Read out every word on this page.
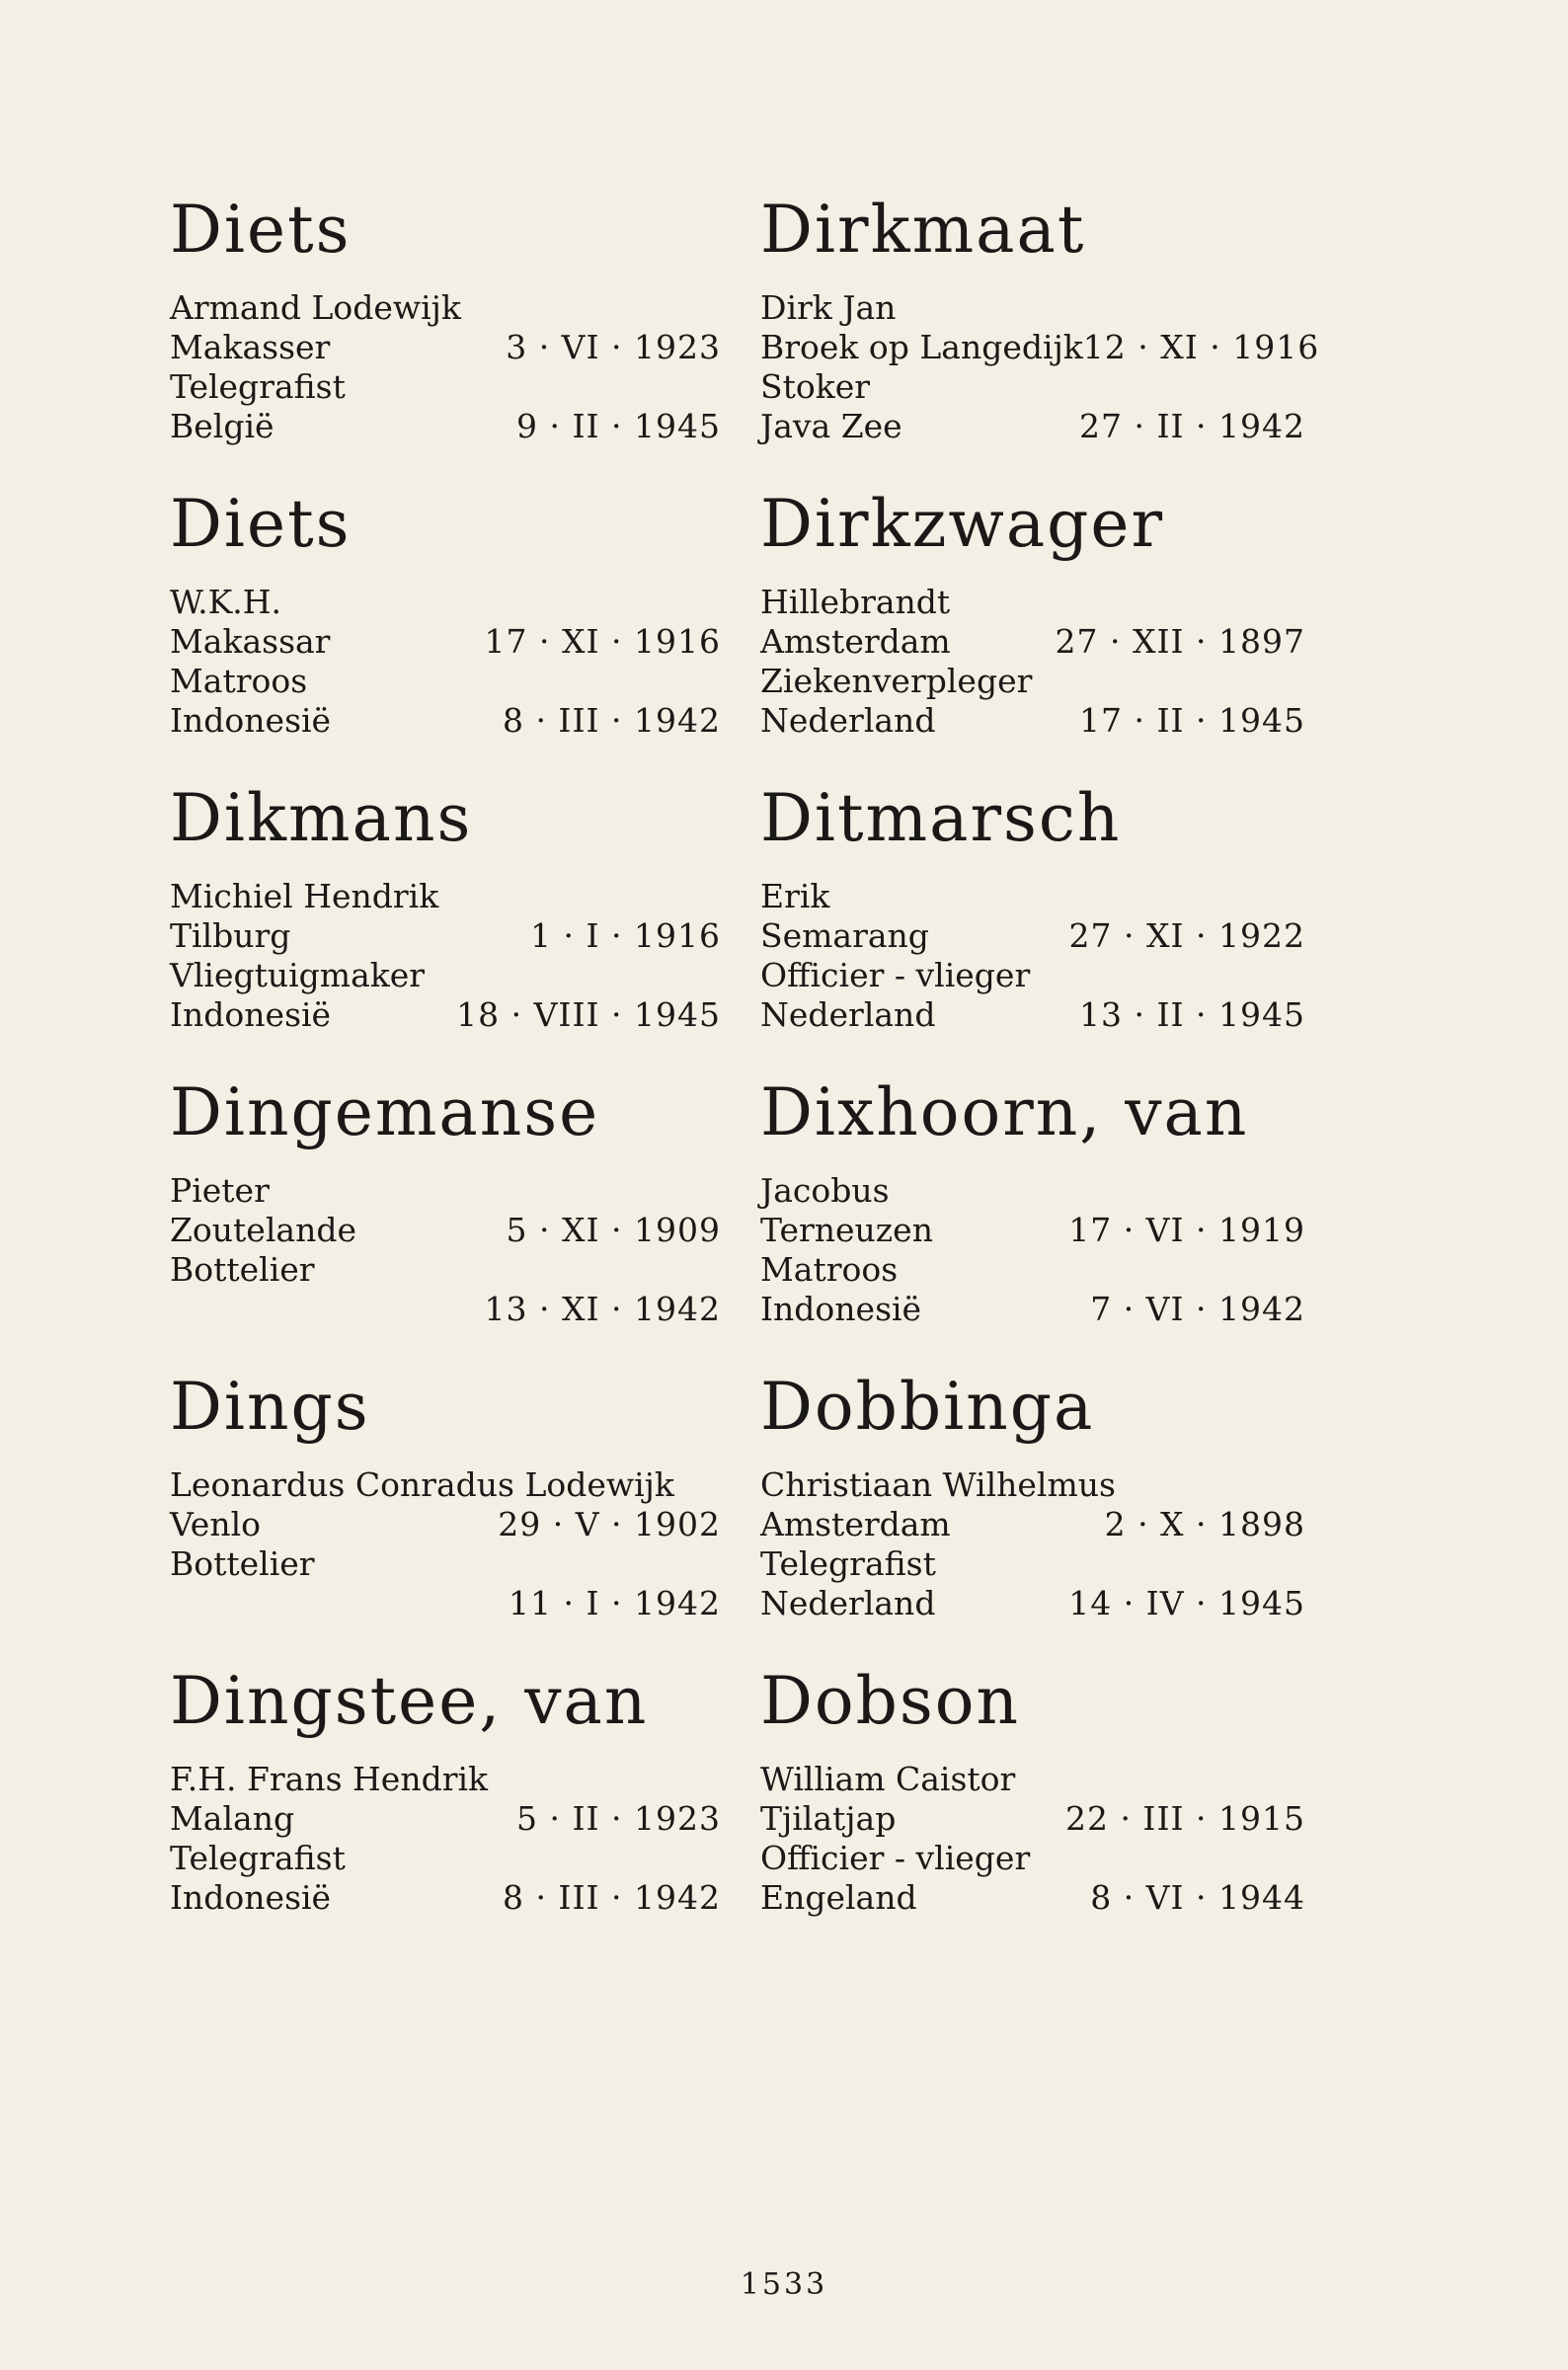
Diets
Armand Lodewijk
Makasser	3 · VI · 1923
Telegrafist
België	9 · II · 1945
Diets
W.K.H.
Makassar	17 · XI · 1916
Matroos
Indonesië	8 · III · 1942
Dikmans
Michiel Hendrik
Tilburg	1 · I · 1916
Vliegtuigmaker
Indonesië	18 · VIII · 1945
Dingemanse
Pieter
Zoutelande	5 · XI · 1909
Bottelier
13 · XI · 1942
Dings
Leonardus Conradus Lodewijk
Venlo	29 · V · 1902
Bottelier
11 · I · 1942
Dingstee, van
F.H. Frans Hendrik
Malang	5 · II · 1923
Telegrafist
Indonesië	8 · III · 1942
Dirkmaat
Dirk Jan
Broek op Langedijk 12 · XI · 1916
Stoker
Java Zee	27 · II · 1942
Dirkzwager
Hillebrandt
Amsterdam	27 · XII · 1897
Ziekenverpleger
Nederland	17 · II · 1945
Ditmarsch
Erik
Semarang	27 · XI · 1922
Officier - vlieger
Nederland	13 · II · 1945
Dixhoorn, van
Jacobus
Terneuzen	17 · VI · 1919
Matroos
Indonesië	7 · VI · 1942
Dobbinga
Christiaan Wilhelmus
Amsterdam	2 · X · 1898
Telegrafist
Nederland	14 · IV · 1945
Dobson
William Caistor
Tjilatjap	22 · III · 1915
Officier - vlieger
Engeland	8 · VI · 1944
1533
